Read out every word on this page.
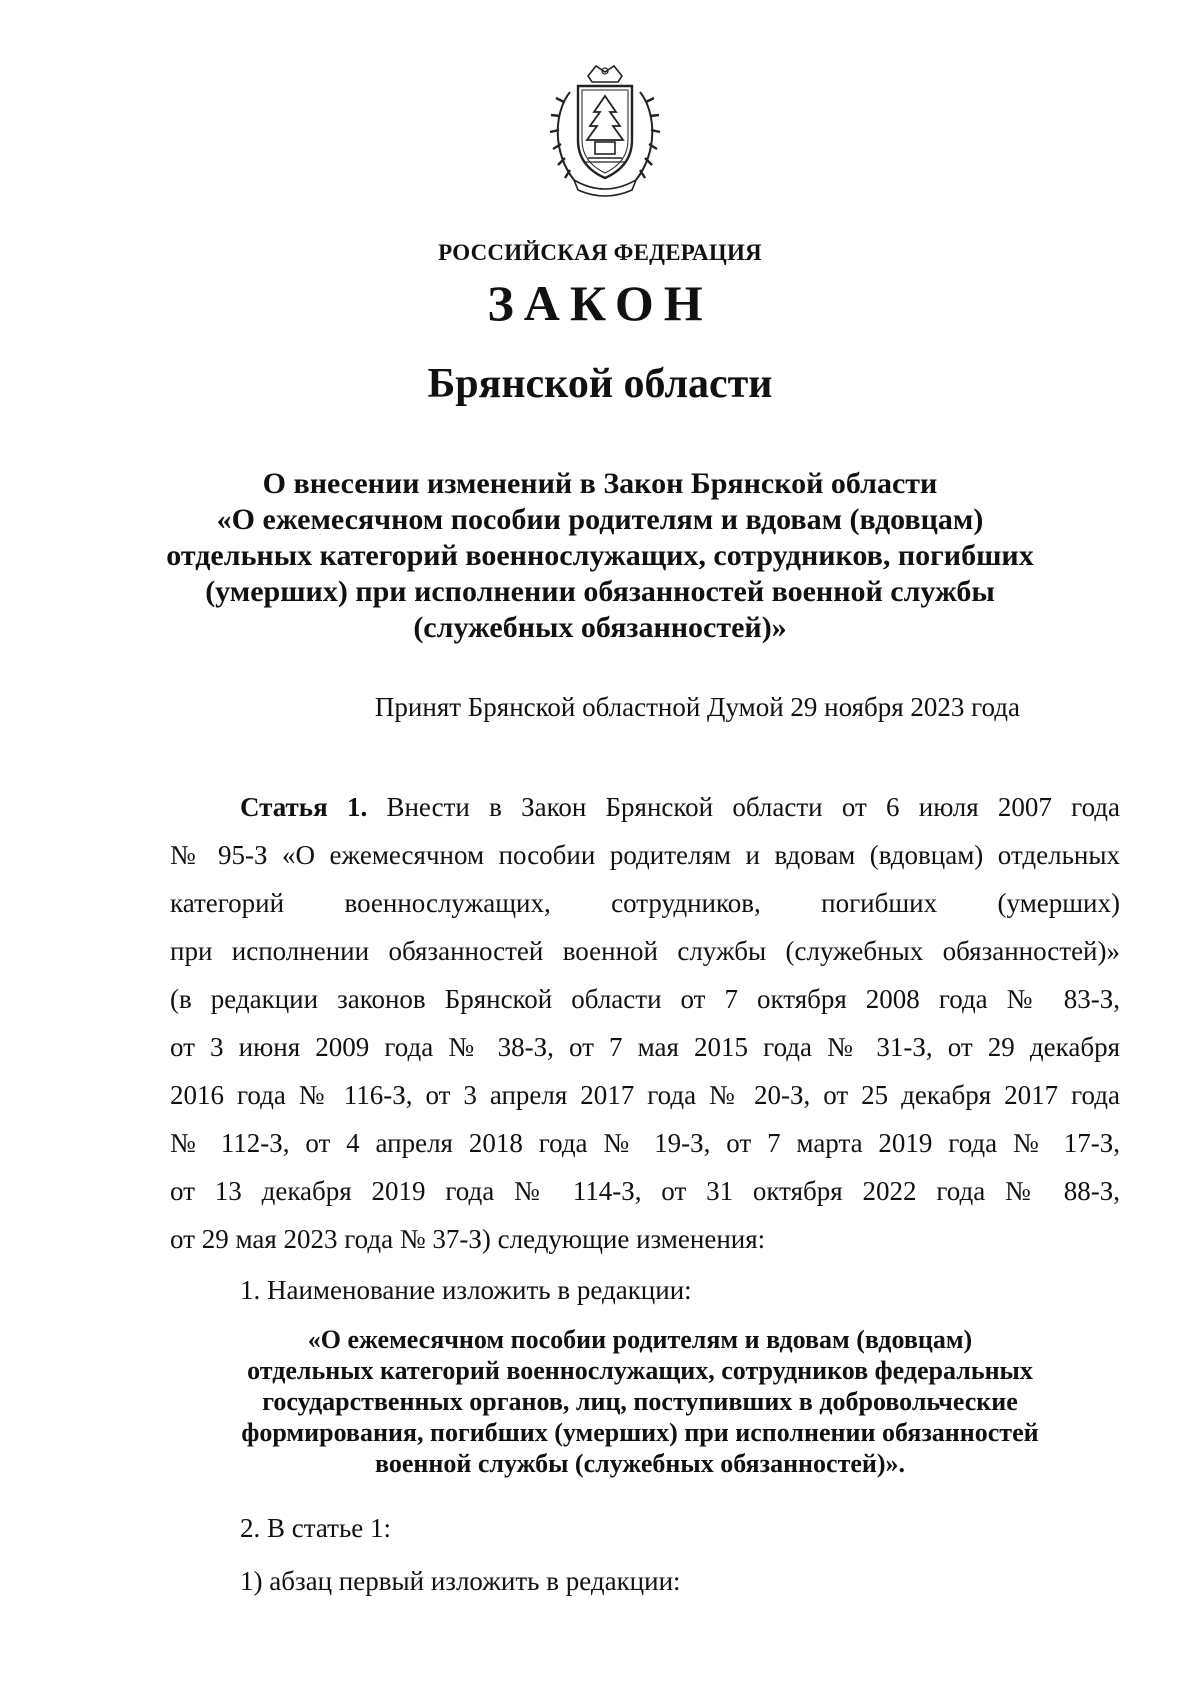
РОССИЙСКАЯ ФЕДЕРАЦИЯ
ЗАКОН
Брянской области
О внесении изменений в Закон Брянской области
«О ежемесячном пособии родителям и вдовам (вдовцам)
отдельных категорий военнослужащих, сотрудников, погибших
(умерших) при исполнении обязанностей военной службы
(служебных обязанностей)»
Принят Брянской областной Думой 29 ноября 2023 года
Статья 1. Внести в Закон Брянской области от 6 июля 2007 года
№ 95-З «О ежемесячном пособии родителям и вдовам (вдовцам) отдельных
категорий военнослужащих, сотрудников, погибших (умерших)
при исполнении обязанностей военной службы (служебных обязанностей)»
(в редакции законов Брянской области от 7 октября 2008 года № 83-З,
от 3 июня 2009 года № 38-З, от 7 мая 2015 года № 31-З, от 29 декабря
2016 года № 116-З, от 3 апреля 2017 года № 20-З, от 25 декабря 2017 года
№ 112-З, от 4 апреля 2018 года № 19-З, от 7 марта 2019 года № 17-З,
от 13 декабря 2019 года № 114-З, от 31 октября 2022 года № 88-З,
от 29 мая 2023 года № 37-З) следующие изменения:
1. Наименование изложить в редакции:
«О ежемесячном пособии родителям и вдовам (вдовцам)
отдельных категорий военнослужащих, сотрудников федеральных
государственных органов, лиц, поступивших в добровольческие
формирования, погибших (умерших) при исполнении обязанностей
военной службы (служебных обязанностей)».
2. В статье 1:
1) абзац первый изложить в редакции:
